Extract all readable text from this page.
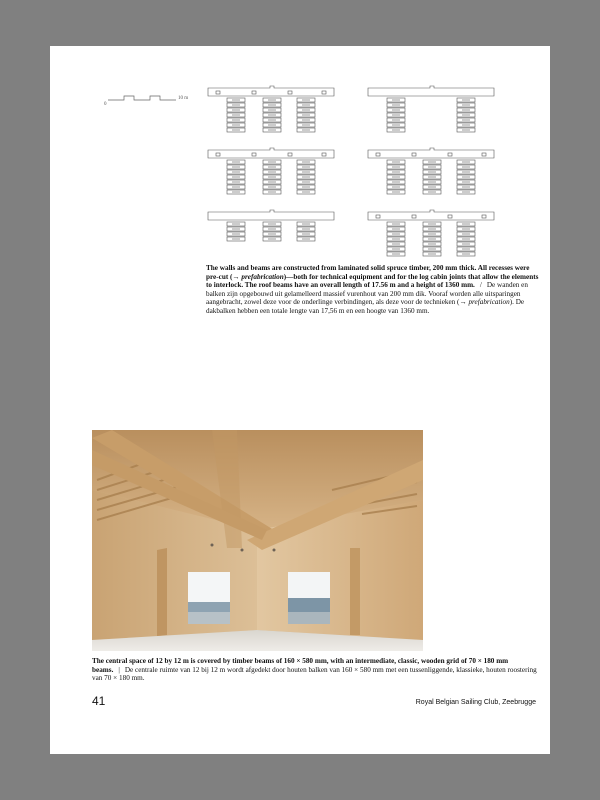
0
10 m
The walls and beams are constructed from laminated solid spruce timber, 200 mm thick. All recesses were pre-cut (→ prefabrication)—both for technical equipment and for the log cabin joints that allow the elements to interlock. The roof beams have an overall length of 17.56 m and a height of 1360 mm. / De wanden en balken zijn opgebouwd uit gelamelleerd massief vurenhout van 200 mm dik. Vooraf worden alle uitsparingen aangebracht, zowel deze voor de onderlinge verbindingen, als deze voor de technieken (→ prefabrication). De dakbalken hebben een totale lengte van 17,56 m en een hoogte van 1360 mm.
The central space of 12 by 12 m is covered by timber beams of 160 × 580 mm, with an intermediate, classic, wooden grid of 70 × 180 mm beams. | De centrale ruimte van 12 bij 12 m wordt afgedekt door houten balken van 160 × 580 mm met een tussenliggende, klassieke, houten roostering van 70 × 180 mm.
41	Royal Belgian Sailing Club, Zeebrugge
